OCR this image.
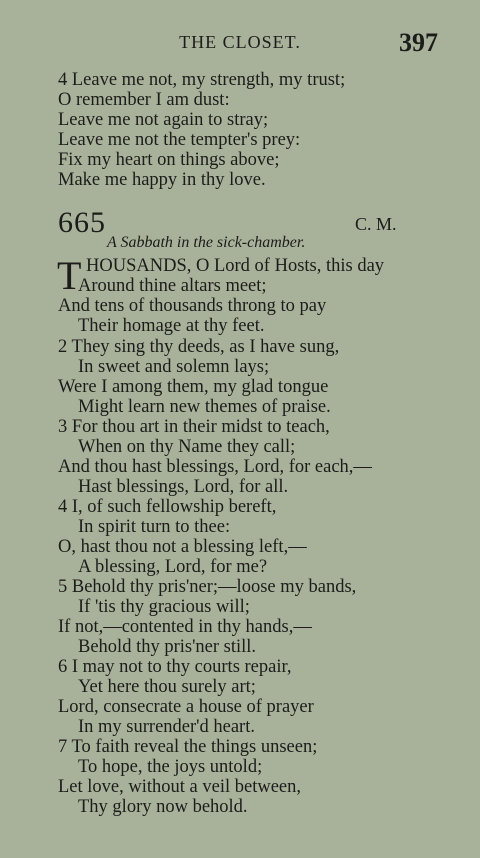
THE CLOSET.	397
4 Leave me not, my strength, my trust;
O remember I am dust:
Leave me not again to stray;
Leave me not the tempter's prey:
Fix my heart on things above;
Make me happy in thy love.
665	C. M.
A Sabbath in the sick-chamber.
T HOUSANDS, O Lord of Hosts, this day
Around thine altars meet;
And tens of thousands throng to pay
Their homage at thy feet.
2 They sing thy deeds, as I have sung,
In sweet and solemn lays;
Were I among them, my glad tongue
Might learn new themes of praise.
3 For thou art in their midst to teach,
When on thy Name they call;
And thou hast blessings, Lord, for each,—
Hast blessings, Lord, for all.
4 I, of such fellowship bereft,
In spirit turn to thee:
O, hast thou not a blessing left,—
A blessing, Lord, for me?
5 Behold thy pris'ner;—loose my bands,
If 'tis thy gracious will;
If not,—contented in thy hands,—
Behold thy pris'ner still.
6 I may not to thy courts repair,
Yet here thou surely art;
Lord, consecrate a house of prayer
In my surrender'd heart.
7 To faith reveal the things unseen;
To hope, the joys untold;
Let love, without a veil between,
Thy glory now behold.
